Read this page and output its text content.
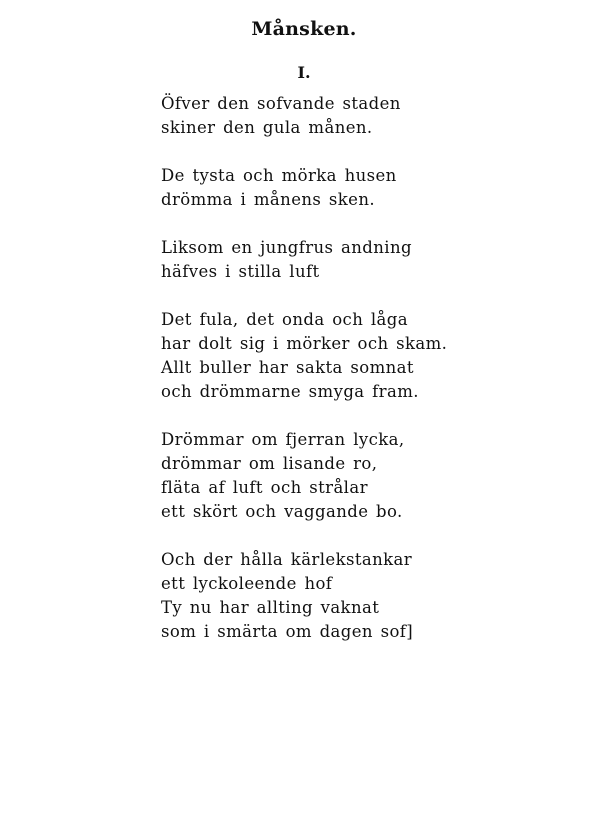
Månsken.
I.
Öfver den sofvande staden
skiner den gula månen.
De tysta och mörka husen
drömma i månens sken.
Liksom en jungfrus andning
häfves i stilla luft
Det fula, det onda och låga
har dolt sig i mörker och skam.
Allt buller har sakta somnat
och drömmarne smyga fram.
Drömmar om fjerran lycka,
drömmar om lisande ro,
fläta af luft och strålar
ett skört och vaggande bo.
Och der hålla kärlekstankar
ett lyckoleende hof
Ty nu har allting vaknat
som i smärta om dagen sof]
